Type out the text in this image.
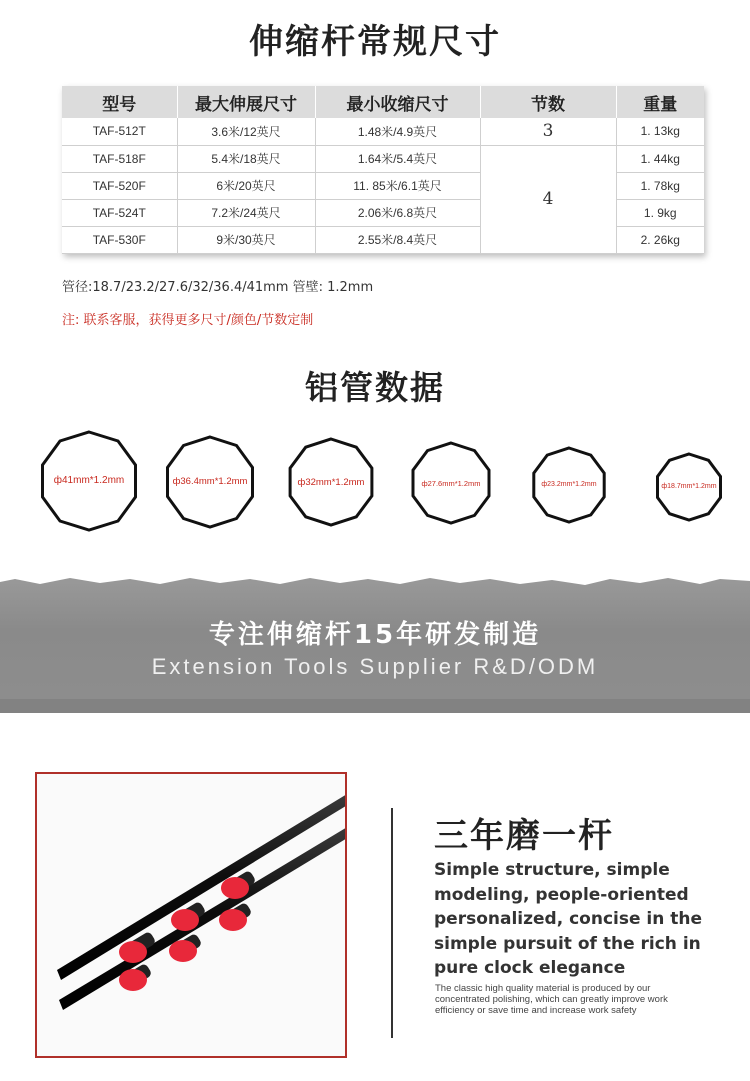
伸缩杆常规尺寸
型号	最大伸展尺寸	最小收缩尺寸	节数	重量
TAF-512T	3.6米/12英尺	1.48米/4.9英尺	3	1. 13kg
TAF-518F	5.4米/18英尺	1.64米/5.4英尺	4	1. 44kg
TAF-520F	6米/20英尺	11. 85米/6.1英尺		1. 78kg
TAF-524T	7.2米/24英尺	2.06米/6.8英尺		1. 9kg
TAF-530F	9米/30英尺	2.55米/8.4英尺		2. 26kg
管径:18.7/23.2/27.6/32/36.4/41mm 管壁: 1.2mm
注: 联系客服，获得更多尺寸/颜色/节数定制
铝管数据
ф41mm*1.2mm	ф36.4mm*1.2mm	ф32mm*1.2mm	ф27.6mm*1.2mm	ф23.2mm*1.2mm	ф18.7mm*1.2mm
专注伸缩杆15年研发制造
Extension Tools Supplier R&D/ODM
三年磨一杆
Simple structure, simple modeling, people-oriented personalized, concise in the simple pursuit of the rich in pure clock elegance
The classic high quality material is produced by our concentrated polishing, which can greatly improve work efficiency or save time and increase work safety
